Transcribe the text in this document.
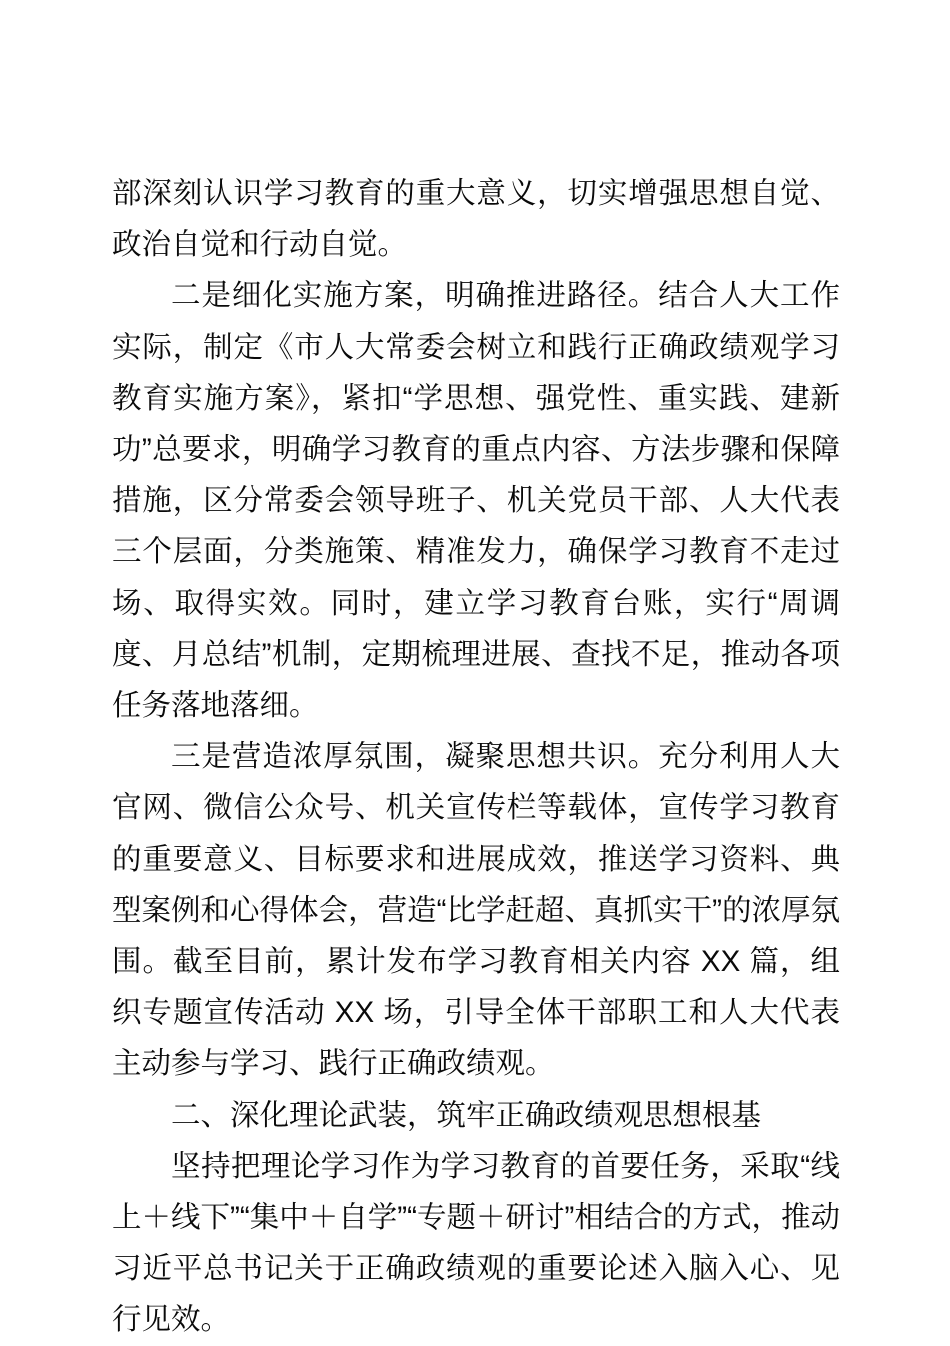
部深刻认识学习教育的重大意义，切实增强思想自觉、政治自觉和行动自觉。

二是细化实施方案，明确推进路径。结合人大工作实际，制定《市人大常委会树立和践行正确政绩观学习教育实施方案》，紧扣“学思想、强党性、重实践、建新功”总要求，明确学习教育的重点内容、方法步骤和保障措施，区分常委会领导班子、机关党员干部、人大代表三个层面，分类施策、精准发力，确保学习教育不走过场、取得实效。同时，建立学习教育台账，实行“周调度、月总结”机制，定期梳理进展、查找不足，推动各项任务落地落细。

三是营造浓厚氛围，凝聚思想共识。充分利用人大官网、微信公众号、机关宣传栏等载体，宣传学习教育的重要意义、目标要求和进展成效，推送学习资料、典型案例和心得体会，营造“比学赶超、真抓实干”的浓厚氛围。截至目前，累计发布学习教育相关内容 XX 篇，组织专题宣传活动 XX 场，引导全体干部职工和人大代表主动参与学习、践行正确政绩观。

二、深化理论武装，筑牢正确政绩观思想根基

坚持把理论学习作为学习教育的首要任务，采取“线上＋线下”“集中＋自学”“专题＋研讨”相结合的方式，推动习近平总书记关于正确政绩观的重要论述入脑入心、见行见效。
